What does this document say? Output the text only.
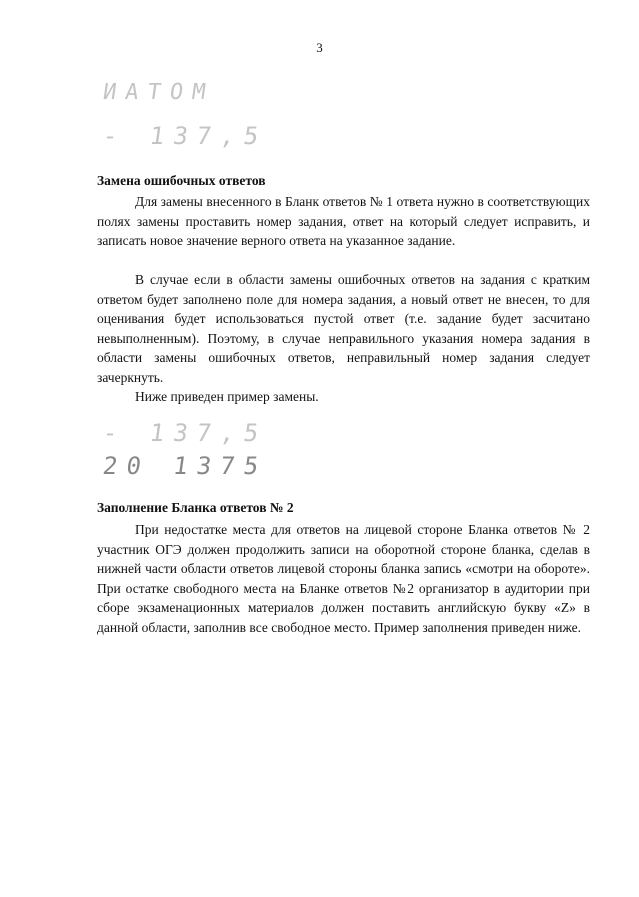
3
ИАТОМ
- 137,5
Замена ошибочных ответов
Для замены внесенного в Бланк ответов № 1 ответа нужно в соответствующих полях замены проставить номер задания, ответ на который следует исправить, и записать новое значение верного ответа на указанное задание.
В случае если в области замены ошибочных ответов на задания с кратким ответом будет заполнено поле для номера задания, а новый ответ не внесен, то для оценивания будет использоваться пустой ответ (т.е. задание будет засчитано невыполненным). Поэтому, в случае неправильного указания номера задания в области замены ошибочных ответов, неправильный номер задания следует зачеркнуть.
Ниже приведен пример замены.
- 137,5
20 1375
Заполнение Бланка ответов № 2
При недостатке места для ответов на лицевой стороне Бланка ответов № 2 участник ОГЭ должен продолжить записи на оборотной стороне бланка, сделав в нижней части области ответов лицевой стороны бланка запись «смотри на обороте». При остатке свободного места на Бланке ответов №2 организатор в аудитории при сборе экзаменационных материалов должен поставить английскую букву «Z» в данной области, заполнив все свободное место. Пример заполнения приведен ниже.
